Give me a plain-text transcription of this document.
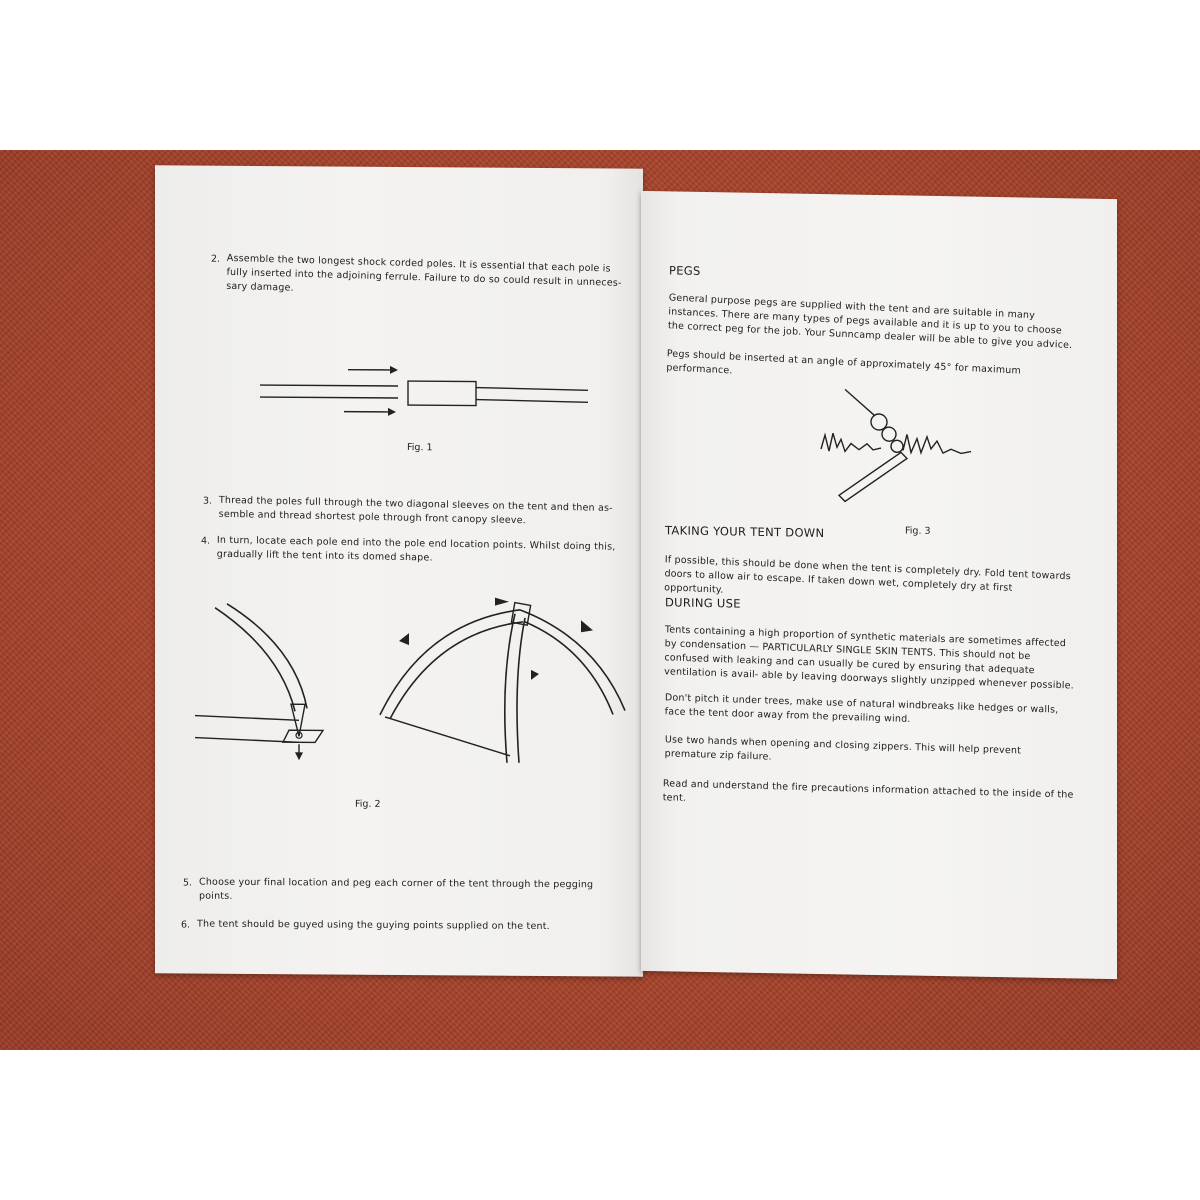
2. Assemble the two longest shock corded poles. It is essential that each pole is fully inserted into the adjoining ferrule. Failure to do so could result in unneces- sary damage.
Fig. 1
3. Thread the poles full through the two diagonal sleeves on the tent and then as- semble and thread shortest pole through front canopy sleeve.
4. In turn, locate each pole end into the pole end location points. Whilst doing this, gradually lift the tent into its domed shape.
Fig. 2
5. Choose your final location and peg each corner of the tent through the pegging points.
6. The tent should be guyed using the guying points supplied on the tent.
PEGS
General purpose pegs are supplied with the tent and are suitable in many instances. There are many types of pegs available and it is up to you to choose the correct peg for the job. Your Sunncamp dealer will be able to give you advice.
Pegs should be inserted at an angle of approximately 45° for maximum performance.
Fig. 3
TAKING YOUR TENT DOWN
If possible, this should be done when the tent is completely dry. Fold tent towards doors to allow air to escape. If taken down wet, completely dry at first opportunity.
DURING USE
Tents containing a high proportion of synthetic materials are sometimes affected by condensation — PARTICULARLY SINGLE SKIN TENTS. This should not be confused with leaking and can usually be cured by ensuring that adequate ventilation is avail- able by leaving doorways slightly unzipped whenever possible.
Don't pitch it under trees, make use of natural windbreaks like hedges or walls, face the tent door away from the prevailing wind.
Use two hands when opening and closing zippers. This will help prevent premature zip failure.
Read and understand the fire precautions information attached to the inside of the tent.
